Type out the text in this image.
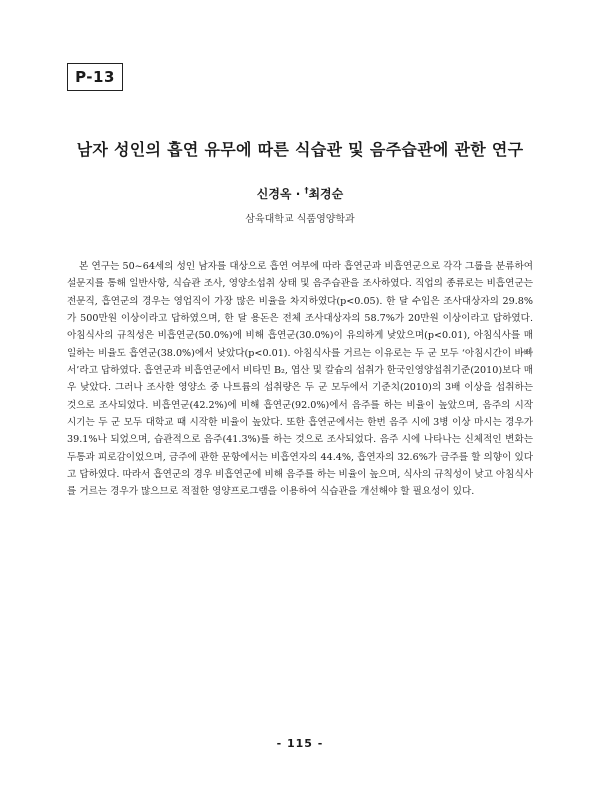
P-13
남자 성인의 흡연 유무에 따른 식습관 및 음주습관에 관한 연구
신경옥 · †최경순
삼육대학교 식품영양학과

본 연구는 50~64세의 성인 남자를 대상으로 흡연 여부에 따라 흡연군과 비흡연군으로 각각 그룹을 분류하여 설문지를 통해 일반사항, 식습관 조사, 영양소섭취 상태 및 음주습관을 조사하였다. 직업의 종류로는 비흡연군는 전문직, 흡연군의 경우는 영업직이 가장 많은 비율을 차지하였다(p<0.05). 한 달 수입은 조사대상자의 29.8%가 500만원 이상이라고 답하였으며, 한 달 용돈은 전체 조사대상자의 58.7%가 20만원 이상이라고 답하였다. 아침식사의 규칙성은 비흡연군(50.0%)에 비해 흡연군(30.0%)이 유의하게 낮았으며(p<0.01), 아침식사를 매일하는 비율도 흡연군(38.0%)에서 낮았다(p<0.01). 아침식사를 거르는 이유로는 두 군 모두 ‘아침시간이 바빠서’라고 답하였다. 흡연군과 비흡연군에서 비타민 B₂, 엽산 및 칼슘의 섭취가 한국인영양섭취기준(2010)보다 매우 낮았다. 그러나 조사한 영양소 중 나트륨의 섭취량은 두 군 모두에서 기준치(2010)의 3배 이상을 섭취하는 것으로 조사되었다. 비흡연군(42.2%)에 비해 흡연군(92.0%)에서 음주를 하는 비율이 높았으며, 음주의 시작 시기는 두 군 모두 대학교 때 시작한 비율이 높았다. 또한 흡연군에서는 한번 음주 시에 3병 이상 마시는 경우가 39.1%나 되었으며, 습관적으로 음주(41.3%)를 하는 것으로 조사되었다. 음주 시에 나타나는 신체적인 변화는 두통과 피로감이었으며, 금주에 관한 문항에서는 비흡연자의 44.4%, 흡연자의 32.6%가 금주를 할 의향이 있다고 답하였다. 따라서 흡연군의 경우 비흡연군에 비해 음주를 하는 비율이 높으며, 식사의 규칙성이 낮고 아침식사를 거르는 경우가 많으므로 적절한 영양프로그램을 이용하여 식습관을 개선해야 할 필요성이 있다.

- 115 -
